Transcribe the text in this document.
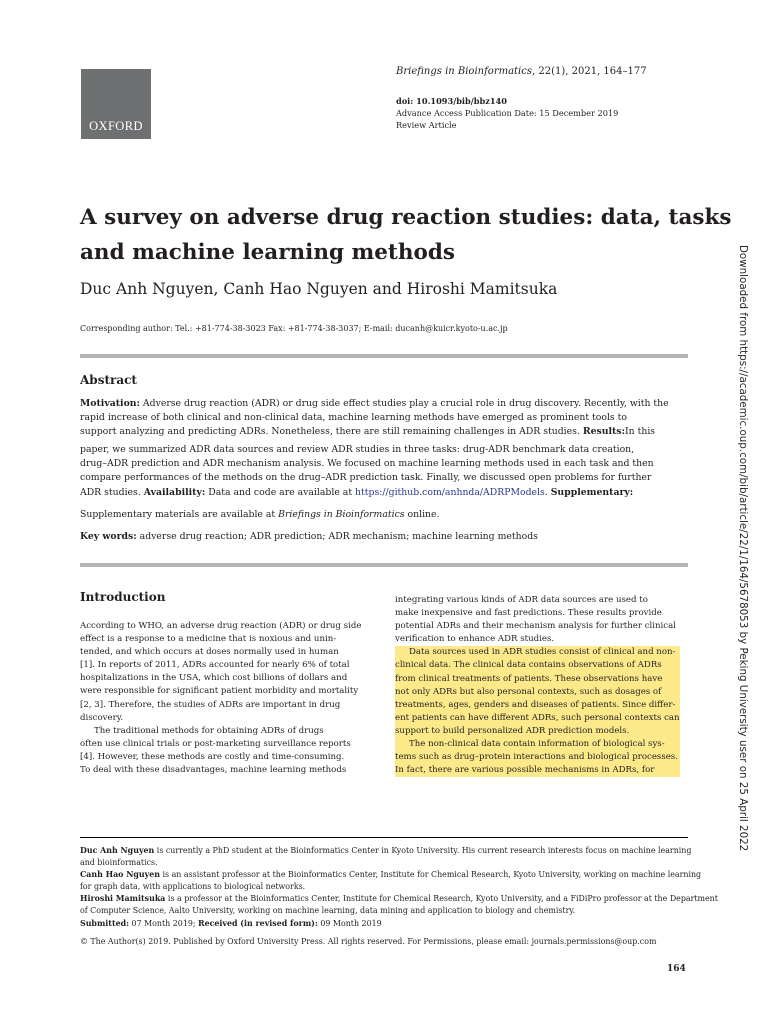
OXFORD
Briefings in Bioinformatics, 22(1), 2021, 164–177
doi: 10.1093/bib/bbz140
Advance Access Publication Date: 15 December 2019
Review Article
A survey on adverse drug reaction studies: data, tasks
and machine learning methods
Duc Anh Nguyen, Canh Hao Nguyen and Hiroshi Mamitsuka
Corresponding author: Tel.: +81-774-38-3023 Fax: +81-774-38-3037; E-mail: ducanh@kuicr.kyoto-u.ac.jp
Abstract
Motivation: Adverse drug reaction (ADR) or drug side effect studies play a crucial role in drug discovery. Recently, with the
rapid increase of both clinical and non-clinical data, machine learning methods have emerged as prominent tools to
support analyzing and predicting ADRs. Nonetheless, there are still remaining challenges in ADR studies. Results:In this
paper, we summarized ADR data sources and review ADR studies in three tasks: drug-ADR benchmark data creation,
drug–ADR prediction and ADR mechanism analysis. We focused on machine learning methods used in each task and then
compare performances of the methods on the drug–ADR prediction task. Finally, we discussed open problems for further
ADR studies. Availability: Data and code are available at https://github.com/anhnda/ADRPModels. Supplementary:
Supplementary materials are available at Briefings in Bioinformatics online.
Key words: adverse drug reaction; ADR prediction; ADR mechanism; machine learning methods
Introduction
According to WHO, an adverse drug reaction (ADR) or drug side
effect is a response to a medicine that is noxious and unin-
tended, and which occurs at doses normally used in human
[1]. In reports of 2011, ADRs accounted for nearly 6% of total
hospitalizations in the USA, which cost billions of dollars and
were responsible for significant patient morbidity and mortality
[2, 3]. Therefore, the studies of ADRs are important in drug
discovery.
The traditional methods for obtaining ADRs of drugs
often use clinical trials or post-marketing surveillance reports
[4]. However, these methods are costly and time-consuming.
To deal with these disadvantages, machine learning methods
integrating various kinds of ADR data sources are used to
make inexpensive and fast predictions. These results provide
potential ADRs and their mechanism analysis for further clinical
verification to enhance ADR studies.
Data sources used in ADR studies consist of clinical and non-
clinical data. The clinical data contains observations of ADRs
from clinical treatments of patients. These observations have
not only ADRs but also personal contexts, such as dosages of
treatments, ages, genders and diseases of patients. Since differ-
ent patients can have different ADRs, such personal contexts can
support to build personalized ADR prediction models.
The non-clinical data contain information of biological sys-
tems such as drug–protein interactions and biological processes.
In fact, there are various possible mechanisms in ADRs, for
Duc Anh Nguyen is currently a PhD student at the Bioinformatics Center in Kyoto University. His current research interests focus on machine learning
and bioinformatics.
Canh Hao Nguyen is an assistant professor at the Bioinformatics Center, Institute for Chemical Research, Kyoto University, working on machine learning
for graph data, with applications to biological networks.
Hiroshi Mamitsuka is a professor at the Bioinformatics Center, Institute for Chemical Research, Kyoto University, and a FiDiPro professor at the Department
of Computer Science, Aalto University, working on machine learning, data mining and application to biology and chemistry.
Submitted: 07 Month 2019; Received (in revised form): 09 Month 2019
© The Author(s) 2019. Published by Oxford University Press. All rights reserved. For Permissions, please email: journals.permissions@oup.com
164
Downloaded from https://academic.oup.com/bib/article/22/1/164/5678053 by Peking University user on 25 April 2022
